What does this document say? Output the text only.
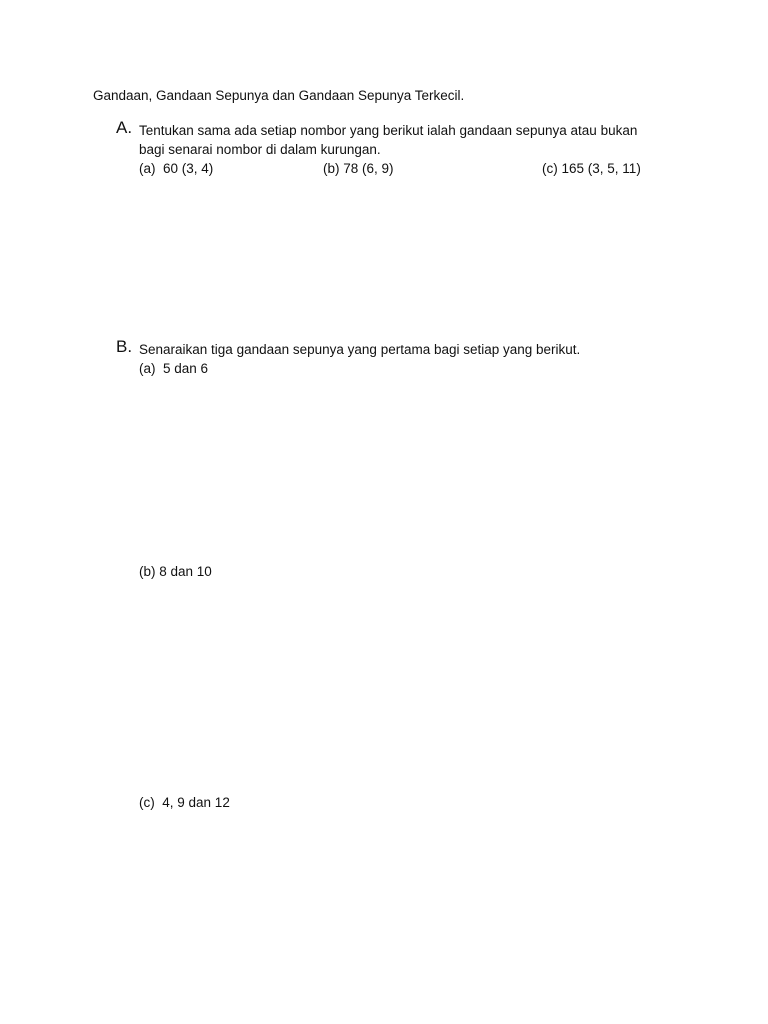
Gandaan, Gandaan Sepunya dan Gandaan Sepunya Terkecil.
A. Tentukan sama ada setiap nombor yang berikut ialah gandaan sepunya atau bukan
bagi senarai nombor di dalam kurungan.
(a) 60 (3, 4)	(b) 78 (6, 9)	(c) 165 (3, 5, 11)
B. Senaraikan tiga gandaan sepunya yang pertama bagi setiap yang berikut.
(a) 5 dan 6
(b) 8 dan 10
(c) 4, 9 dan 12
